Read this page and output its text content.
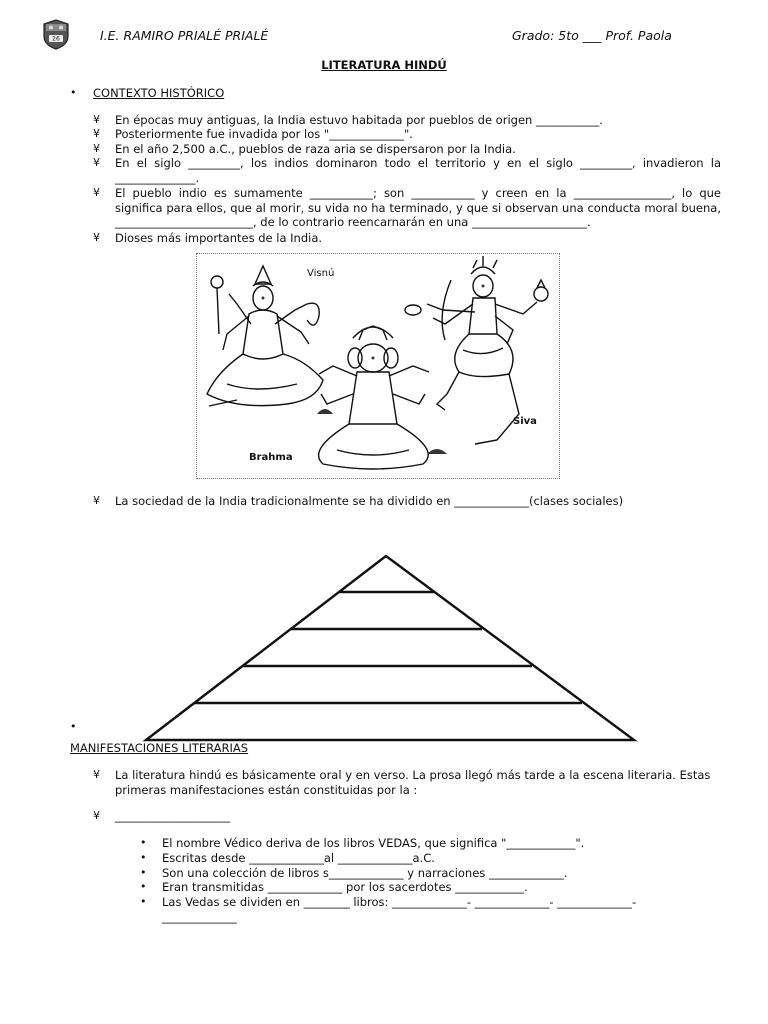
26	I.E. RAMIRO PRIALÉ PRIALÉ	Grado: 5to ___ Prof. Paola
LITERATURA HINDÚ
• CONTEXTO HISTÓRICO
¥ En épocas muy antiguas, la India estuvo habitada por pueblos de origen ___________.
¥ Posteriormente fue invadida por los "_____________".
¥ En el año 2,500 a.C., pueblos de raza aria se dispersaron por la India.
¥ En el siglo _________, los indios dominaron todo el territorio y en el siglo _________, invadieron la ______________.
¥ El pueblo indio es sumamente ___________; son ___________ y creen en la _________________, lo que significa para ellos, que al morir, su vida no ha terminado, y que si observan una conducta moral buena, ________________________, de lo contrario reencarnarán en una ____________________.
¥ Dioses más importantes de la India.
Visnú
Siva
Brahma
¥ La sociedad de la India tradicionalmente se ha dividido en _____________(clases sociales)
•
MANIFESTACIONES LITERARIAS
¥ La literatura hindú es básicamente oral y en verso. La prosa llegó más tarde a la escena literaria. Estas primeras manifestaciones están constituidas por la :
¥ ____________________
• El nombre Védico deriva de los libros VEDAS, que significa "____________".
• Escritas desde _____________al _____________a.C.
• Son una colección de libros s_____________ y narraciones _____________.
• Eran transmitidas _____________ por los sacerdotes ____________.
• Las Vedas se dividen en ________ libros: _____________- _____________- _____________-
_____________
